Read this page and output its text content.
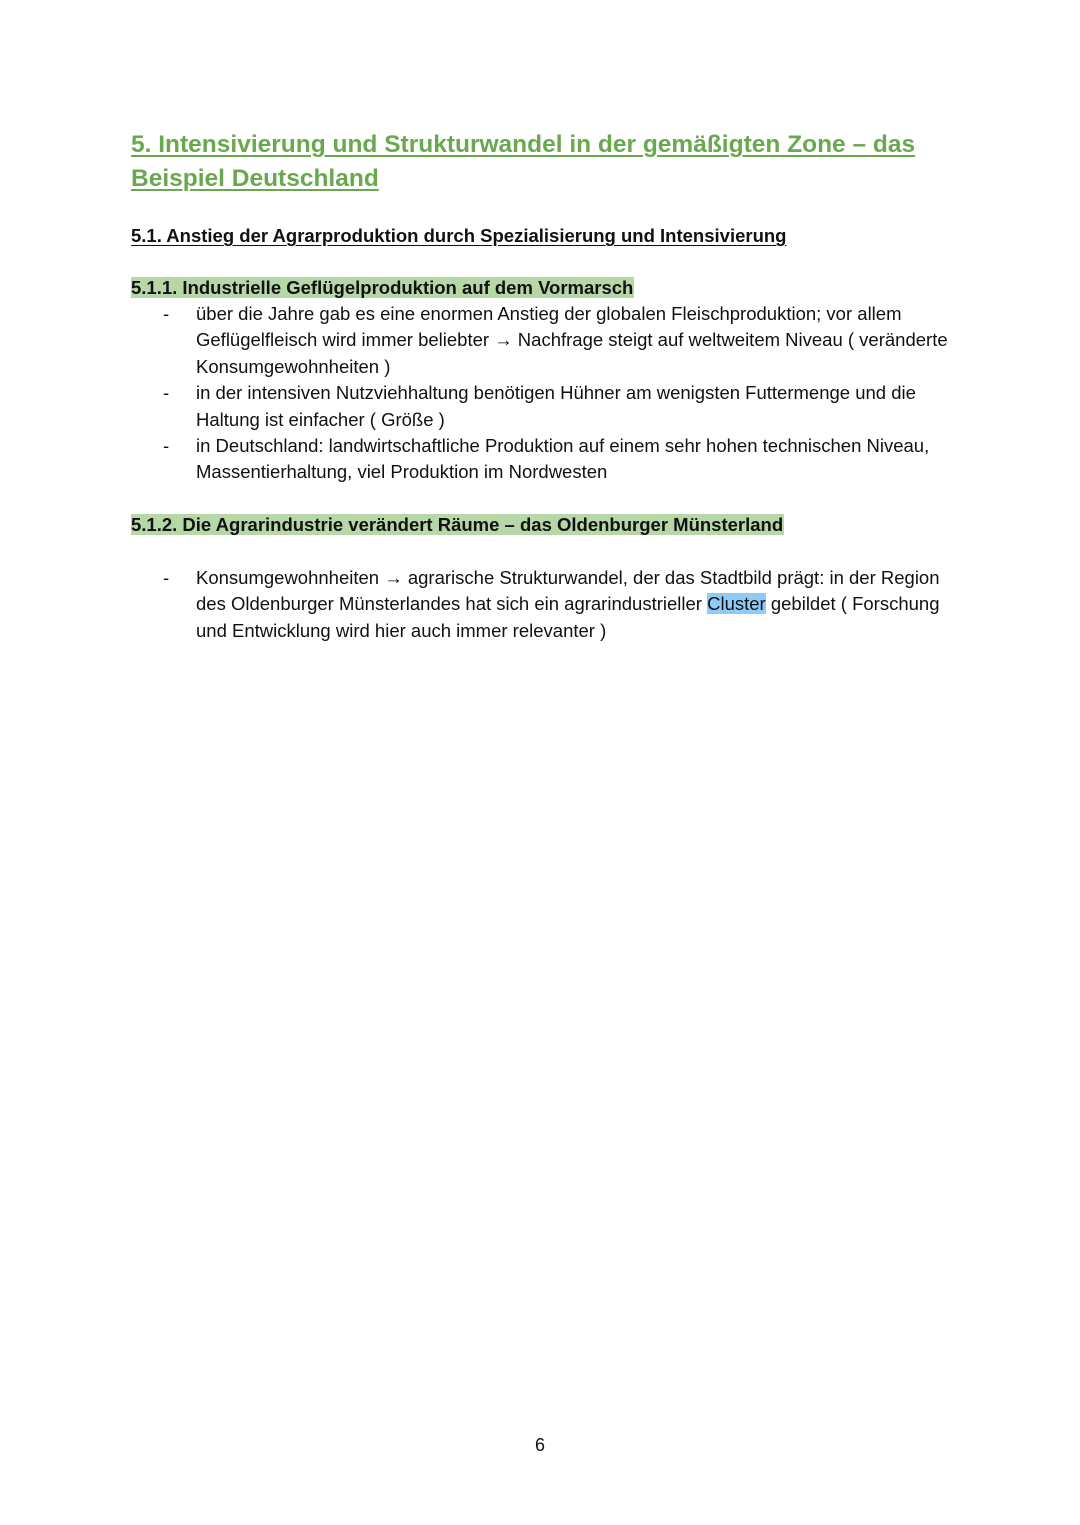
5. Intensivierung und Strukturwandel in der gemäßigten Zone – das Beispiel Deutschland
5.1. Anstieg der Agrarproduktion durch Spezialisierung und Intensivierung
5.1.1. Industrielle Geflügelproduktion auf dem Vormarsch
- über die Jahre gab es eine enormen Anstieg der globalen Fleischproduktion; vor allem Geflügelfleisch wird immer beliebter → Nachfrage steigt auf weltweitem Niveau ( veränderte Konsumgewohnheiten )
- in der intensiven Nutzviehhaltung benötigen Hühner am wenigsten Futtermenge und die Haltung ist einfacher ( Größe )
- in Deutschland: landwirtschaftliche Produktion auf einem sehr hohen technischen Niveau, Massentierhaltung, viel Produktion im Nordwesten
5.1.2. Die Agrarindustrie verändert Räume – das Oldenburger Münsterland
- Konsumgewohnheiten → agrarische Strukturwandel, der das Stadtbild prägt: in der Region des Oldenburger Münsterlandes hat sich ein agrarindustrieller Cluster gebildet ( Forschung und Entwicklung wird hier auch immer relevanter )
6
